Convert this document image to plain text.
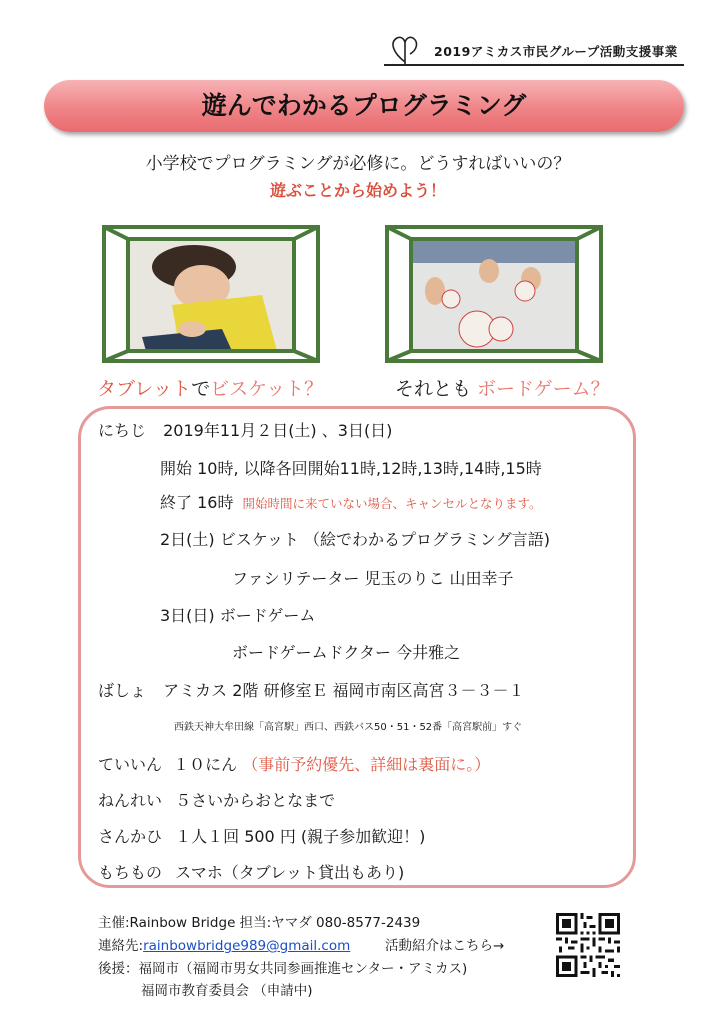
2019アミカス市民グループ活動支援事業
遊んでわかるプログラミング
小学校でプログラミングが必修に。どうすればいいの？
遊ぶことから始めよう！
タブレットでビスケット？	それとも ボードゲーム？
にちじ 2019年11月２日(土) 、3日(日)
開始 10時, 以降各回開始11時,12時,13時,14時,15時
終了 16時 開始時間に来ていない場合、キャンセルとなります。
2日(土) ビスケット （絵でわかるプログラミング言語)
ファシリテーター 児玉のりこ 山田幸子
3日(日) ボードゲーム
ボードゲームドクター 今井雅之
ばしょ アミカス 2階 研修室Ｅ 福岡市南区高宮３－３－１
西鉄天神大牟田線「高宮駅」西口、西鉄バス50・51・52番「高宮駅前」すぐ
ていいん １０にん （事前予約優先、詳細は裏面に。）
ねんれい ５さいからおとなまで
さんかひ １人１回 500 円 (親子参加歓迎！)
もちもの スマホ（タブレット貸出もあり)
主催:Rainbow Bridge 担当:ヤマダ 080-8577-2439
連絡先:rainbowbridge989@gmail.com	活動紹介はこちら→
後援：福岡市（福岡市男女共同参画推進センター・アミカス)
福岡市教育委員会 （申請中)
